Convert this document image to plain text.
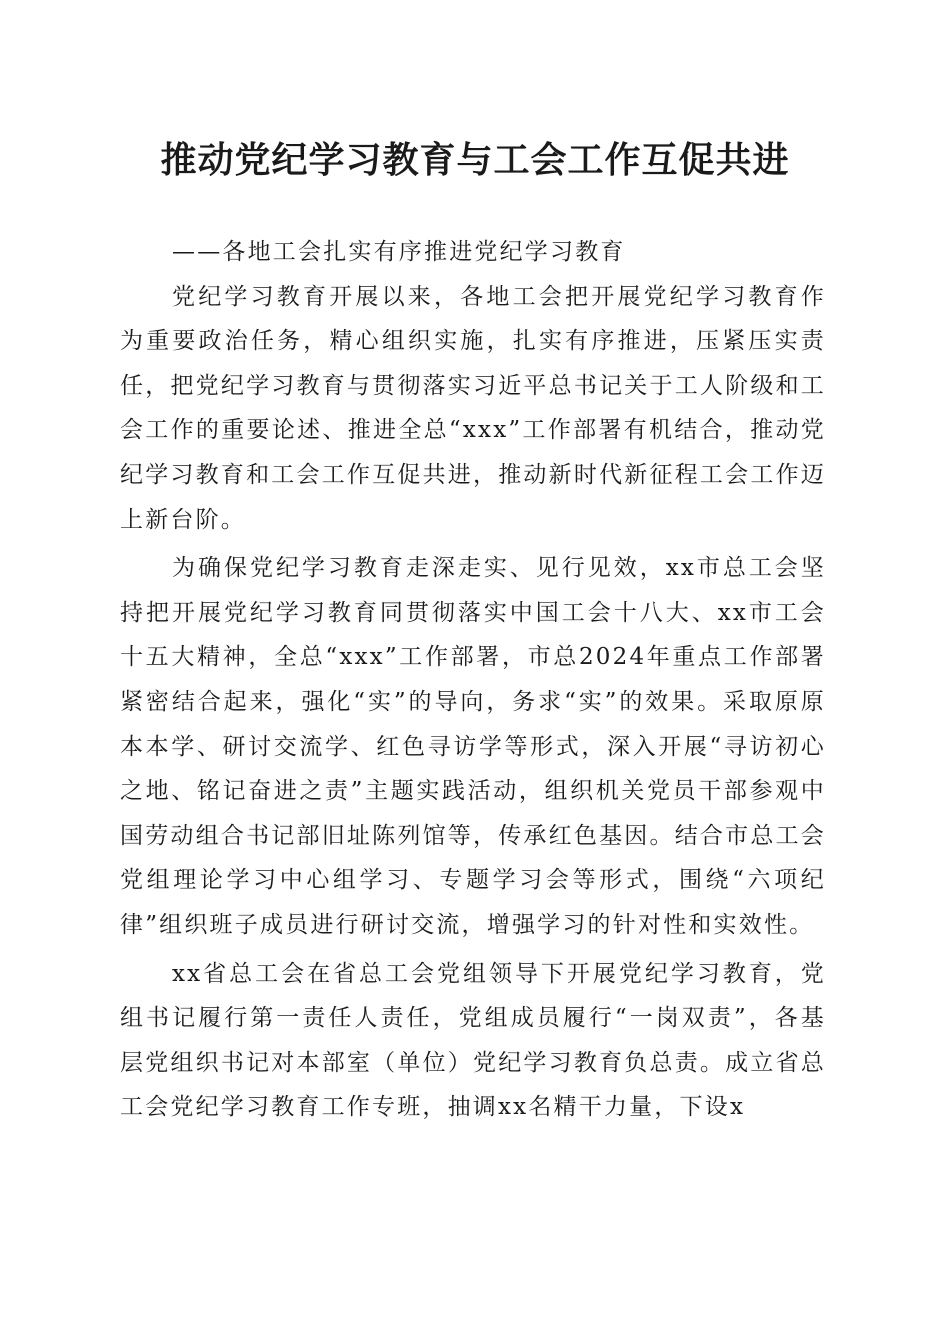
推动党纪学习教育与工会工作互促共进

——各地工会扎实有序推进党纪学习教育

党纪学习教育开展以来，各地工会把开展党纪学习教育作为重要政治任务，精心组织实施，扎实有序推进，压紧压实责任，把党纪学习教育与贯彻落实习近平总书记关于工人阶级和工会工作的重要论述、推进全总“xxx”工作部署有机结合，推动党纪学习教育和工会工作互促共进，推动新时代新征程工会工作迈上新台阶。

为确保党纪学习教育走深走实、见行见效，xx市总工会坚持把开展党纪学习教育同贯彻落实中国工会十八大、xx市工会十五大精神，全总“xxx”工作部署，市总2024年重点工作部署紧密结合起来，强化“实”的导向，务求“实”的效果。采取原原本本学、研讨交流学、红色寻访学等形式，深入开展“寻访初心之地、铭记奋进之责”主题实践活动，组织机关党员干部参观中国劳动组合书记部旧址陈列馆等，传承红色基因。结合市总工会党组理论学习中心组学习、专题学习会等形式，围绕“六项纪律”组织班子成员进行研讨交流，增强学习的针对性和实效性。

xx省总工会在省总工会党组领导下开展党纪学习教育，党组书记履行第一责任人责任，党组成员履行“一岗双责”，各基层党组织书记对本部室（单位）党纪学习教育负总责。成立省总工会党纪学习教育工作专班，抽调xx名精干力量，下设x
